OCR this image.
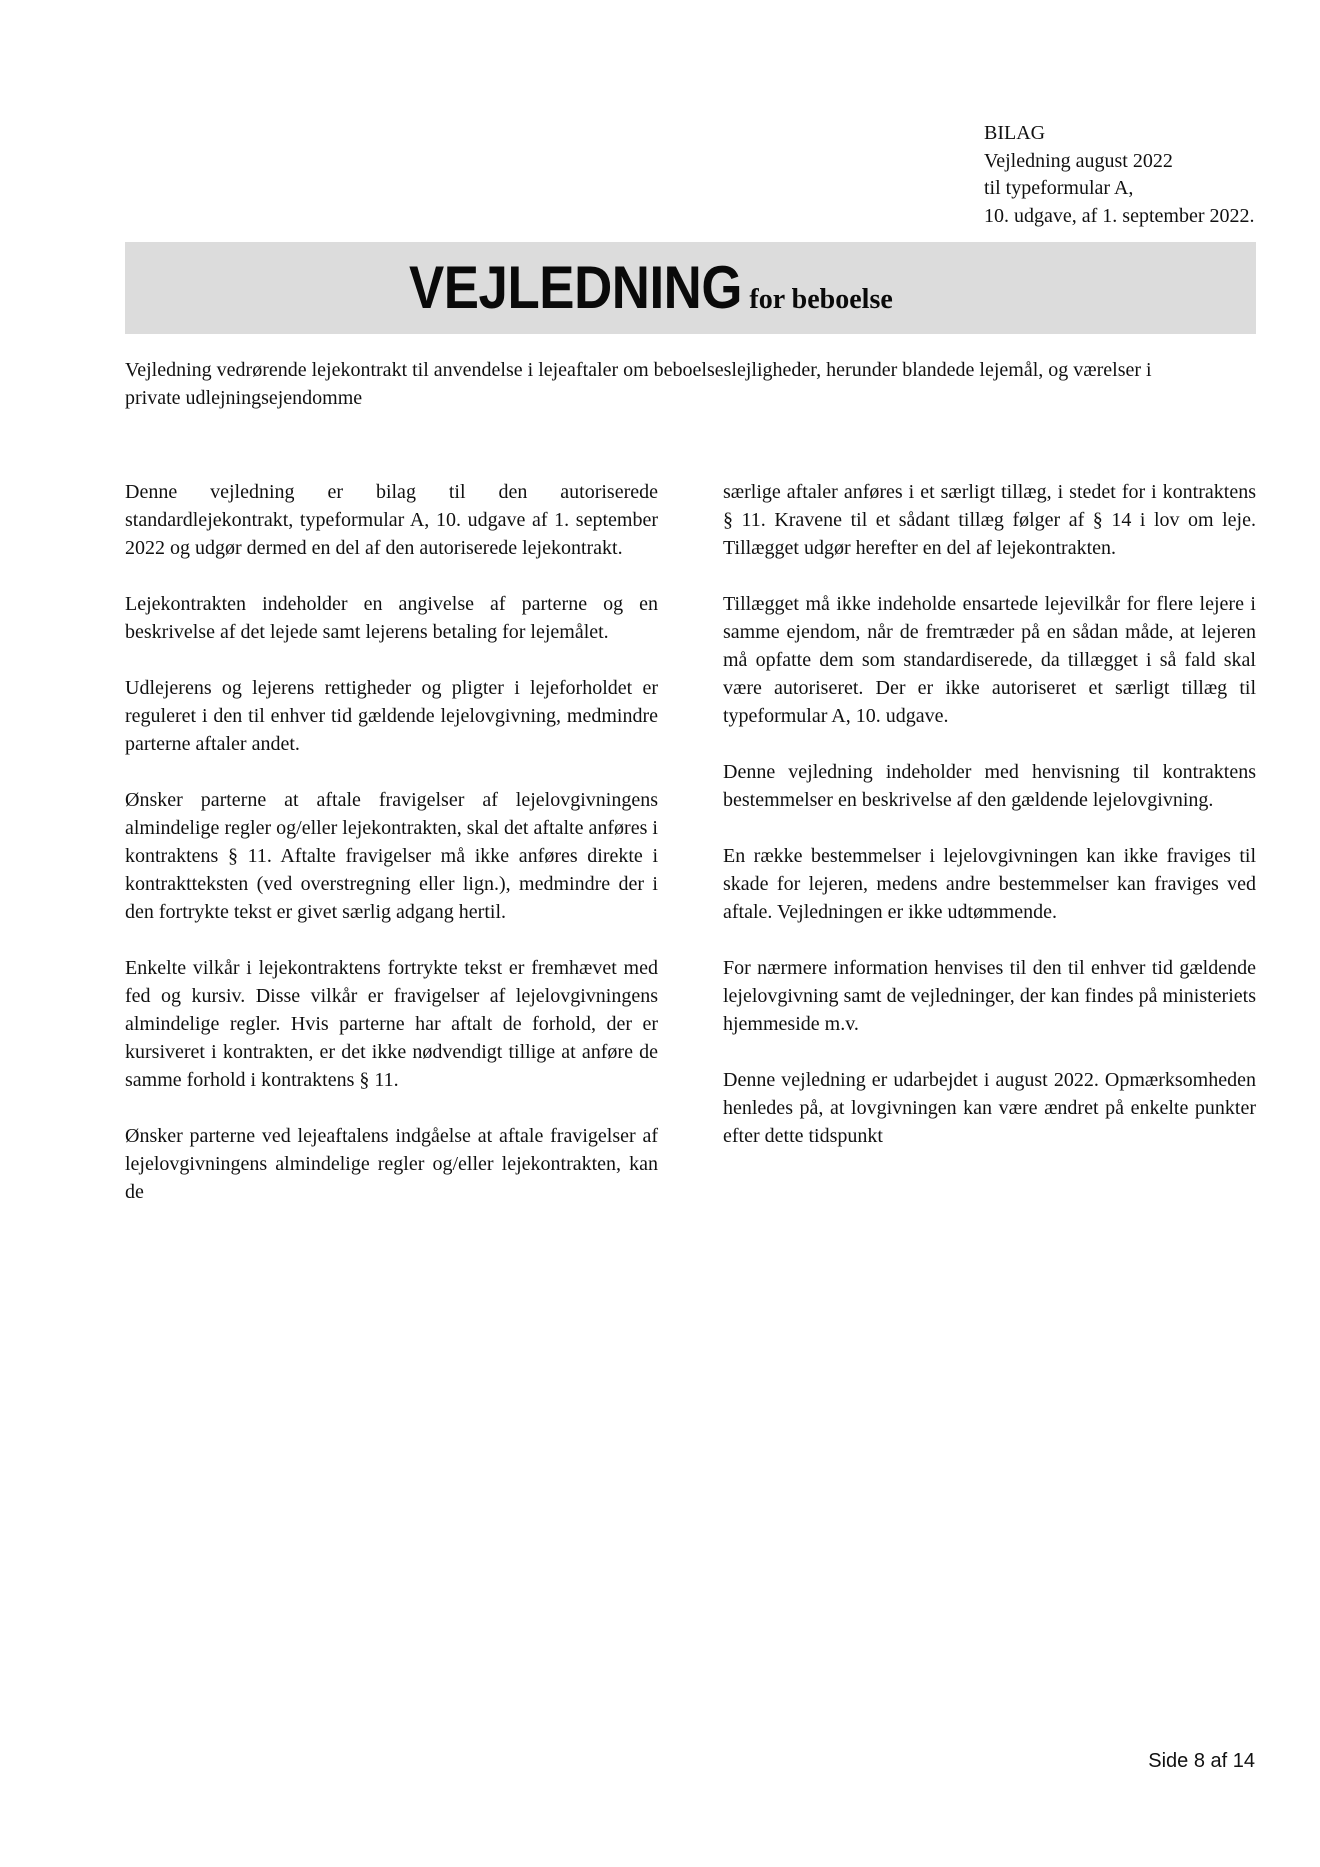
BILAG
Vejledning august 2022
til typeformular A,
10. udgave, af 1. september 2022.
VEJLEDNING for beboelse

Vejledning vedrørende lejekontrakt til anvendelse i lejeaftaler om beboelseslejligheder, herunder blandede lejemål, og værelser i private udlejningsejendomme

Denne vejledning er bilag til den autoriserede standardlejekontrakt, typeformular A, 10. udgave af 1. september 2022 og udgør dermed en del af den autoriserede lejekontrakt.

Lejekontrakten indeholder en angivelse af parterne og en beskrivelse af det lejede samt lejerens betaling for lejemålet.

Udlejerens og lejerens rettigheder og pligter i lejeforholdet er reguleret i den til enhver tid gældende lejelovgivning, medmindre parterne aftaler andet.

Ønsker parterne at aftale fravigelser af lejelovgivningens almindelige regler og/eller lejekontrakten, skal det aftalte anføres i kontraktens § 11. Aftalte fravigelser må ikke anføres direkte i kontraktteksten (ved overstregning eller lign.), medmindre der i den fortrykte tekst er givet særlig adgang hertil.

Enkelte vilkår i lejekontraktens fortrykte tekst er fremhævet med fed og kursiv. Disse vilkår er fravigelser af lejelovgivningens almindelige regler. Hvis parterne har aftalt de forhold, der er kursiveret i kontrakten, er det ikke nødvendigt tillige at anføre de samme forhold i kontraktens § 11.

Ønsker parterne ved lejeaftalens indgåelse at aftale fravigelser af lejelovgivningens almindelige regler og/eller lejekontrakten, kan de

særlige aftaler anføres i et særligt tillæg, i stedet for i kontraktens § 11. Kravene til et sådant tillæg følger af § 14 i lov om leje. Tillægget udgør herefter en del af lejekontrakten.

Tillægget må ikke indeholde ensartede lejevilkår for flere lejere i samme ejendom, når de fremtræder på en sådan måde, at lejeren må opfatte dem som standardiserede, da tillægget i så fald skal være autoriseret. Der er ikke autoriseret et særligt tillæg til typeformular A, 10. udgave.

Denne vejledning indeholder med henvisning til kontraktens bestemmelser en beskrivelse af den gældende lejelovgivning.

En række bestemmelser i lejelovgivningen kan ikke fraviges til skade for lejeren, medens andre bestemmelser kan fraviges ved aftale. Vejledningen er ikke udtømmende.

For nærmere information henvises til den til enhver tid gældende lejelovgivning samt de vejledninger, der kan findes på ministeriets hjemmeside m.v.

Denne vejledning er udarbejdet i august 2022. Opmærksomheden henledes på, at lovgivningen kan være ændret på enkelte punkter efter dette tidspunkt

Side 8 af 14
